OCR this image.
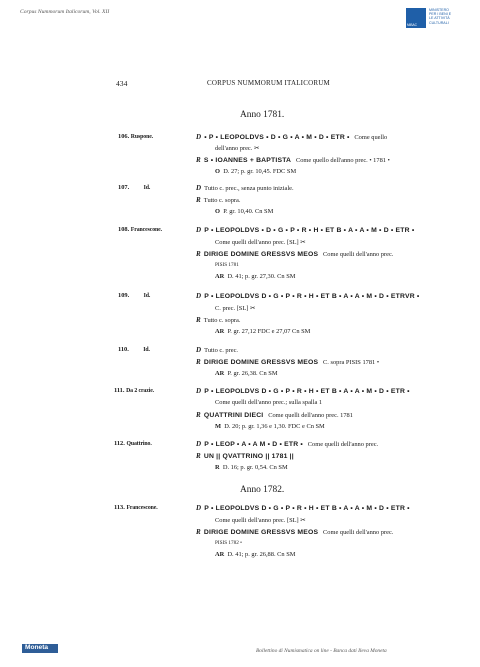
Corpus Nummorum Italicorum, Vol. XII
MiBAC
MINISTERO
PER I BENI E
LE ATTIVITÀ
CULTURALI
434	CORPUS NUMMORUM ITALICORUM
Anno 1781.
106. Ruspone.	D • P • LEOPOLDVS • D • G • A • M • D • ETR • Come quello
dell'anno prec. ✂
R S • IOANNES + BAPTISTA Come quello dell'anno prec. • 1781 •
O D. 27; p. gr. 10,45. FDC SM
107. Id.	D Tutto c. prec., senza punto iniziale.
R Tutto c. sopra.
O P. gr. 10,40. Cn SM
108. Francescone.	D P • LEOPOLDVS • D • G • P • R • H • ET B • A • A • M • D • ETR •
Come quelli dell'anno prec. [SL] ✂
R DIRIGE DOMINE GRESSVS MEOS Come quelli dell'anno prec.
PISIS 1781
AR D. 41; p. gr. 27,30. Cn SM
109. Id.	D P • LEOPOLDVS D • G • P • R • H • ET B • A • A • M • D • ETRVR •
C. prec. [SL] ✂
R Tutto c. sopra.
AR P. gr. 27,12 FDC e 27,07 Cn SM
110. Id.	D Tutto c. prec.
R DIRIGE DOMINE GRESSVS MEOS C. sopra PISIS 1781 •
AR P. gr. 26,38. Cn SM
111. Da 2 crazie.	D P • LEOPOLDVS D • G • P • R • H • ET B • A • A • M • D • ETR •
Come quelli dell'anno prec.; sulla spalla 1
R QUATTRINI DIECI Come quelli dell'anno prec. 1781
M D. 20; p. gr. 1,36 e 1,30. FDC e Cn SM
112. Quattrino.	D P • LEOP • A • A M • D • ETR • Come quelli dell'anno prec.
R UN || QVATTRINO || 1781 ||
R D. 16; p. gr. 0,54. Cn SM
Anno 1782.
113. Francescone.	D P • LEOPOLDVS D • G • P • R • H • ET B • A • A • M • D • ETR •
Come quelli dell'anno prec. [SL] ✂
R DIRIGE DOMINE GRESSVS MEOS Come quelli dell'anno prec.
PISIS 1782 •
AR D. 41; p. gr. 26,88. Cn SM
Moneta	Bollettino di Numismatica on line - Banca dati Ileva Moneta
